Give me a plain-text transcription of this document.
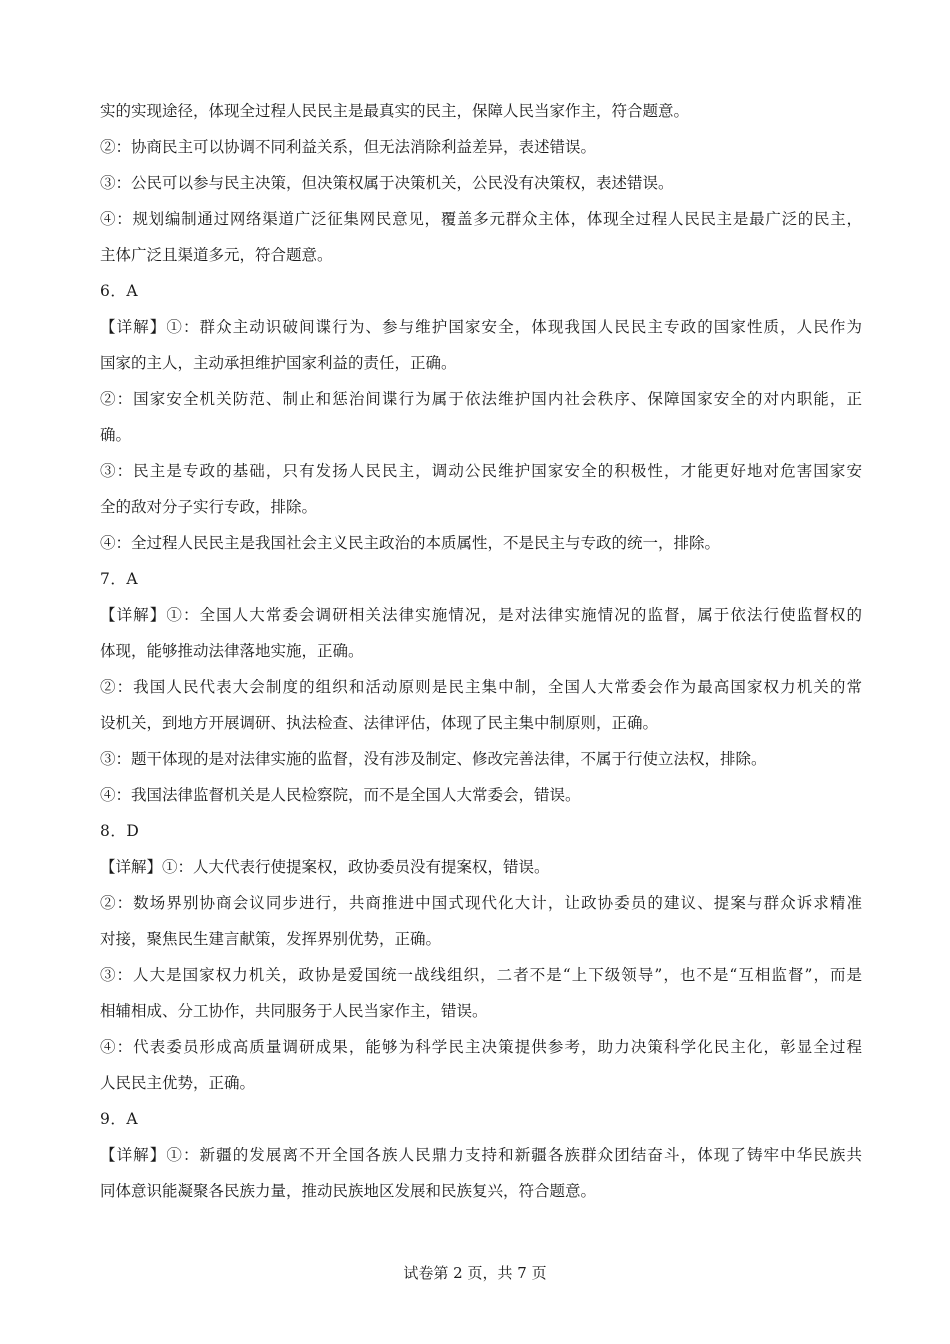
实的实现途径，体现全过程人民民主是最真实的民主，保障人民当家作主，符合题意。
②：协商民主可以协调不同利益关系，但无法消除利益差异，表述错误。
③：公民可以参与民主决策，但决策权属于决策机关，公民没有决策权，表述错误。
④：规划编制通过网络渠道广泛征集网民意见，覆盖多元群众主体，体现全过程人民民主是最广泛的民主，
主体广泛且渠道多元，符合题意。
6．A
【详解】①：群众主动识破间谍行为、参与维护国家安全，体现我国人民民主专政的国家性质，人民作为
国家的主人，主动承担维护国家利益的责任，正确。
②：国家安全机关防范、制止和惩治间谍行为属于依法维护国内社会秩序、保障国家安全的对内职能，正
确。
③：民主是专政的基础，只有发扬人民民主，调动公民维护国家安全的积极性，才能更好地对危害国家安
全的敌对分子实行专政，排除。
④：全过程人民民主是我国社会主义民主政治的本质属性，不是民主与专政的统一，排除。
7．A
【详解】①：全国人大常委会调研相关法律实施情况，是对法律实施情况的监督，属于依法行使监督权的
体现，能够推动法律落地实施，正确。
②：我国人民代表大会制度的组织和活动原则是民主集中制，全国人大常委会作为最高国家权力机关的常
设机关，到地方开展调研、执法检查、法律评估，体现了民主集中制原则，正确。
③：题干体现的是对法律实施的监督，没有涉及制定、修改完善法律，不属于行使立法权，排除。
④：我国法律监督机关是人民检察院，而不是全国人大常委会，错误。
8．D
【详解】①：人大代表行使提案权，政协委员没有提案权，错误。
②：数场界别协商会议同步进行，共商推进中国式现代化大计，让政协委员的建议、提案与群众诉求精准
对接，聚焦民生建言献策，发挥界别优势，正确。
③：人大是国家权力机关，政协是爱国统一战线组织，二者不是“上下级领导”，也不是“互相监督”，而是
相辅相成、分工协作，共同服务于人民当家作主，错误。
④：代表委员形成高质量调研成果，能够为科学民主决策提供参考，助力决策科学化民主化，彰显全过程
人民民主优势，正确。
9．A
【详解】①：新疆的发展离不开全国各族人民鼎力支持和新疆各族群众团结奋斗，体现了铸牢中华民族共
同体意识能凝聚各民族力量，推动民族地区发展和民族复兴，符合题意。
试卷第 2 页，共 7 页
